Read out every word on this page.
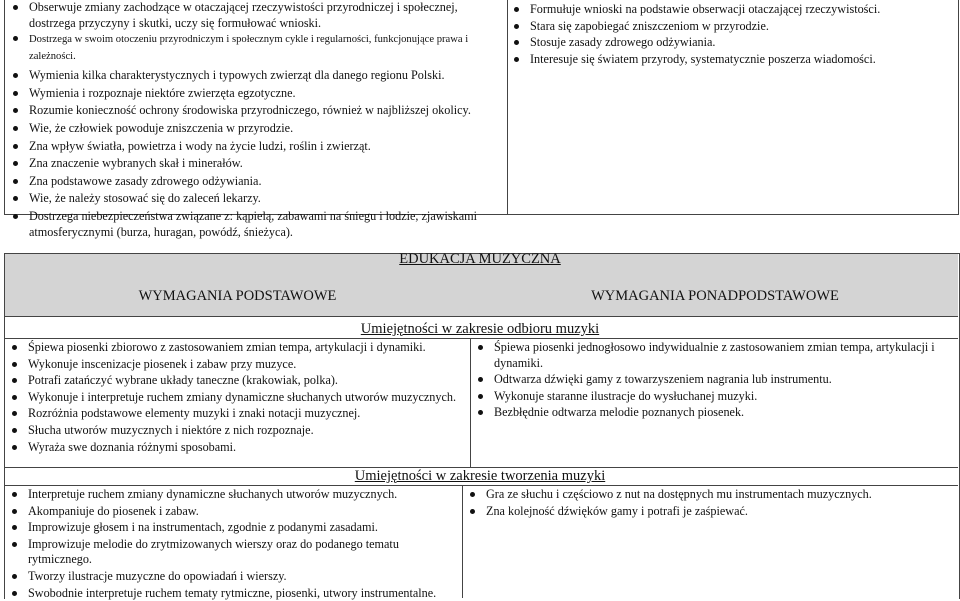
Obserwuje zmiany zachodzące w otaczającej rzeczywistości przyrodniczej i społecznej, dostrzega przyczyny i skutki, uczy się formułować wnioski.
Dostrzega w swoim otoczeniu przyrodniczym i społecznym cykle i regularności, funkcjonujące prawa i zależności.
Wymienia kilka charakterystycznych i typowych zwierząt dla danego regionu Polski.
Wymienia i rozpoznaje niektóre zwierzęta egzotyczne.
Rozumie konieczność ochrony środowiska przyrodniczego, również w najbliższej okolicy.
Wie, że człowiek powoduje zniszczenia w przyrodzie.
Zna wpływ światła, powietrza i wody na życie ludzi, roślin i zwierząt.
Zna znaczenie wybranych skał i minerałów.
Zna podstawowe zasady zdrowego odżywiania.
Wie, że należy stosować się do zaleceń lekarzy.
Dostrzega niebezpieczeństwa związane z: kąpielą, zabawami na śniegu i lodzie, zjawiskami atmosferycznymi (burza, huragan, powódź, śnieżyca).
Formułuje wnioski na podstawie obserwacji otaczającej rzeczywistości.
Stara się zapobiegać zniszczeniom w przyrodzie.
Stosuje zasady zdrowego odżywiania.
Interesuje się światem przyrody, systematycznie poszerza wiadomości.
EDUKACJA MUZYCZNA
WYMAGANIA PODSTAWOWE	WYMAGANIA PONADPODSTAWOWE
Umiejętności w zakresie odbioru muzyki
Śpiewa piosenki zbiorowo z zastosowaniem zmian tempa, artykulacji i dynamiki.
Wykonuje inscenizacje piosenek i zabaw przy muzyce.
Potrafi zatańczyć wybrane układy taneczne (krakowiak, polka).
Wykonuje i interpretuje ruchem zmiany dynamiczne słuchanych utworów muzycznych.
Rozróżnia podstawowe elementy muzyki i znaki notacji muzycznej.
Słucha utworów muzycznych i niektóre z nich rozpoznaje.
Wyraża swe doznania różnymi sposobami.
Śpiewa piosenki jednogłosowo indywidualnie z zastosowaniem zmian tempa, artykulacji i dynamiki.
Odtwarza dźwięki gamy z towarzyszeniem nagrania lub instrumentu.
Wykonuje staranne ilustracje do wysłuchanej muzyki.
Bezbłędnie odtwarza melodie poznanych piosenek.
Umiejętności w zakresie tworzenia muzyki
Interpretuje ruchem zmiany dynamiczne słuchanych utworów muzycznych.
Akompaniuje do piosenek i zabaw.
Improwizuje głosem i na instrumentach, zgodnie z podanymi zasadami.
Improwizuje melodie do zrytmizowanych wierszy oraz do podanego tematu rytmicznego.
Tworzy ilustracje muzyczne do opowiadań i wierszy.
Swobodnie interpretuje ruchem tematy rytmiczne, piosenki, utwory instrumentalne.
Gra ze słuchu i częściowo z nut na dostępnych mu instrumentach muzycznych.
Zna kolejność dźwięków gamy i potrafi je zaśpiewać.
